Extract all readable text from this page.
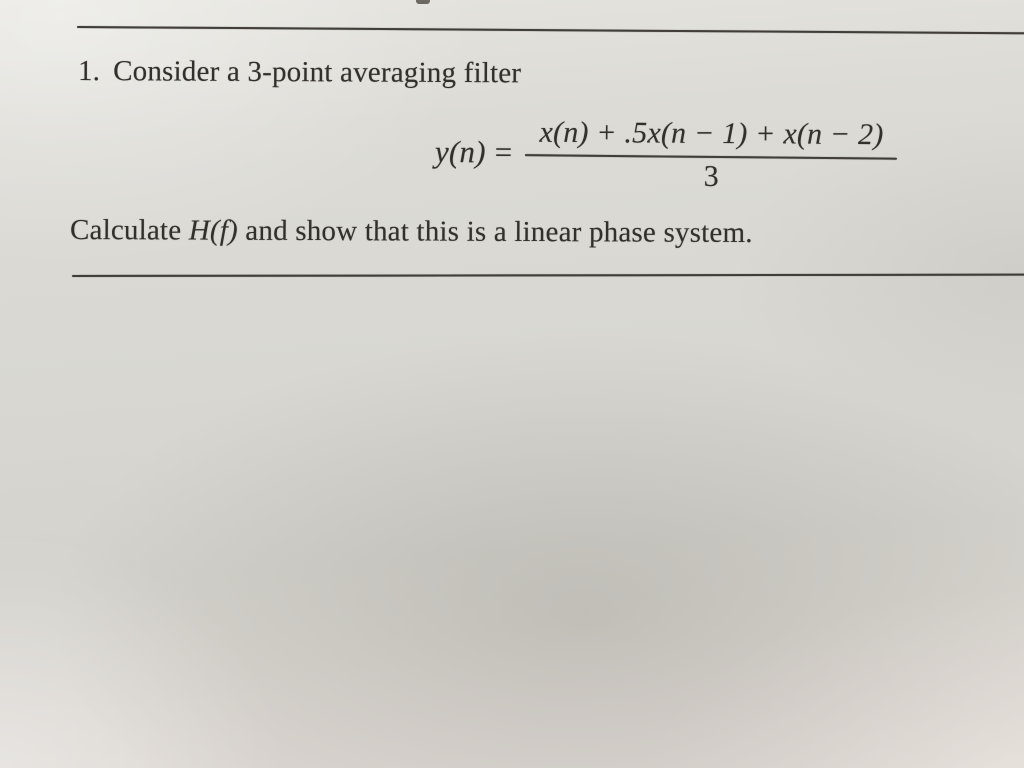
1. Consider a 3-point averaging filter
y(n) =
x(n) + .5x(n − 1) + x(n − 2)
3
Calculate H(f) and show that this is a linear phase system.
